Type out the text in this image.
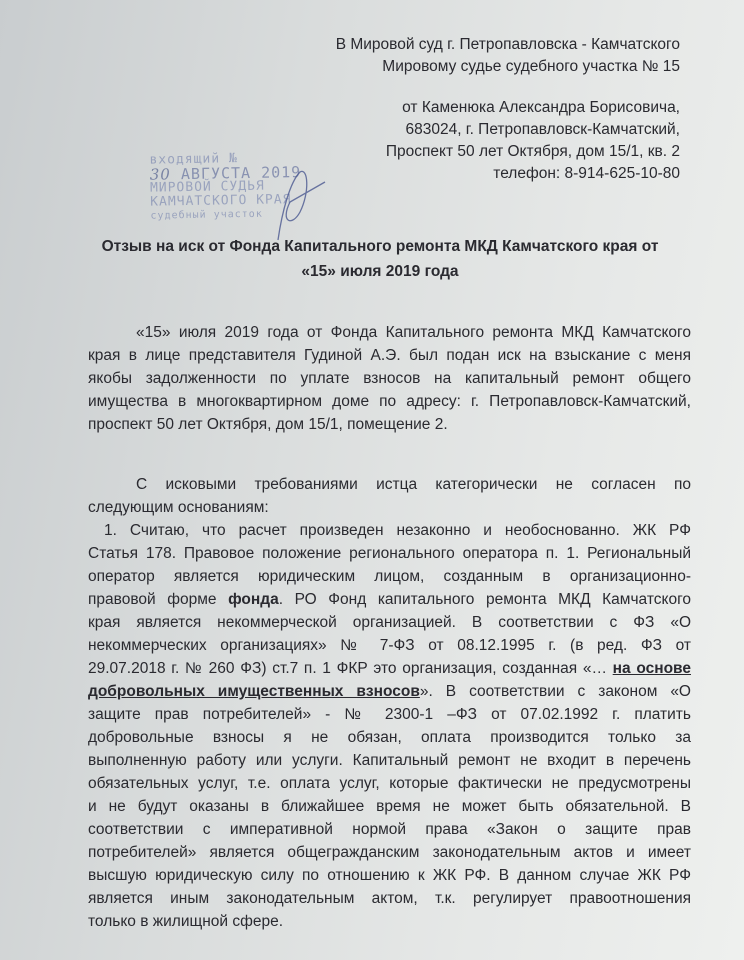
В Мировой суд г. Петропавловска - Камчатского
Мировому судье судебного участка № 15
от Каменюка Александра Борисовича,
683024, г. Петропавловск-Камчатский,
Проспект 50 лет Октября, дом 15/1, кв. 2
телефон: 8-914-625-10-80
входящий №
30 АВГУСТА 2019
МИРОВОЙ СУДЬЯ
КАМЧАТСКОГО КРАЯ
судебный участок
Отзыв на иск от Фонда Капитального ремонта МКД Камчатского края от
«15» июля 2019 года
«15» июля 2019 года от Фонда Капитального ремонта МКД Камчатского
края в лице представителя Гудиной А.Э. был подан иск на взыскание с меня
якобы задолженности по уплате взносов на капитальный ремонт общего
имущества в многоквартирном доме по адресу: г. Петропавловск-Камчатский,
проспект 50 лет Октября, дом 15/1, помещение 2.
С исковыми требованиями истца категорически не согласен по
следующим основаниям:
1. Считаю, что расчет произведен незаконно и необоснованно. ЖК РФ
Статья 178. Правовое положение регионального оператора п. 1. Региональный
оператор является юридическим лицом, созданным в организационно-
правовой форме фонда. РО Фонд капитального ремонта МКД Камчатского
края является некоммерческой организацией. В соответствии с ФЗ «О
некоммерческих организациях» № 7-ФЗ от 08.12.1995 г. (в ред. ФЗ от
29.07.2018 г. № 260 ФЗ) ст.7 п. 1 ФКР это организация, созданная «… на основе
добровольных имущественных взносов». В соответствии с законом «О
защите прав потребителей» - № 2300-1 –ФЗ от 07.02.1992 г. платить
добровольные взносы я не обязан, оплата производится только за
выполненную работу или услуги. Капитальный ремонт не входит в перечень
обязательных услуг, т.е. оплата услуг, которые фактически не предусмотрены
и не будут оказаны в ближайшее время не может быть обязательной. В
соответствии с императивной нормой права «Закон о защите прав
потребителей» является общегражданским законодательным актов и имеет
высшую юридическую силу по отношению к ЖК РФ. В данном случае ЖК РФ
является иным законодательным актом, т.к. регулирует правоотношения
только в жилищной сфере.
